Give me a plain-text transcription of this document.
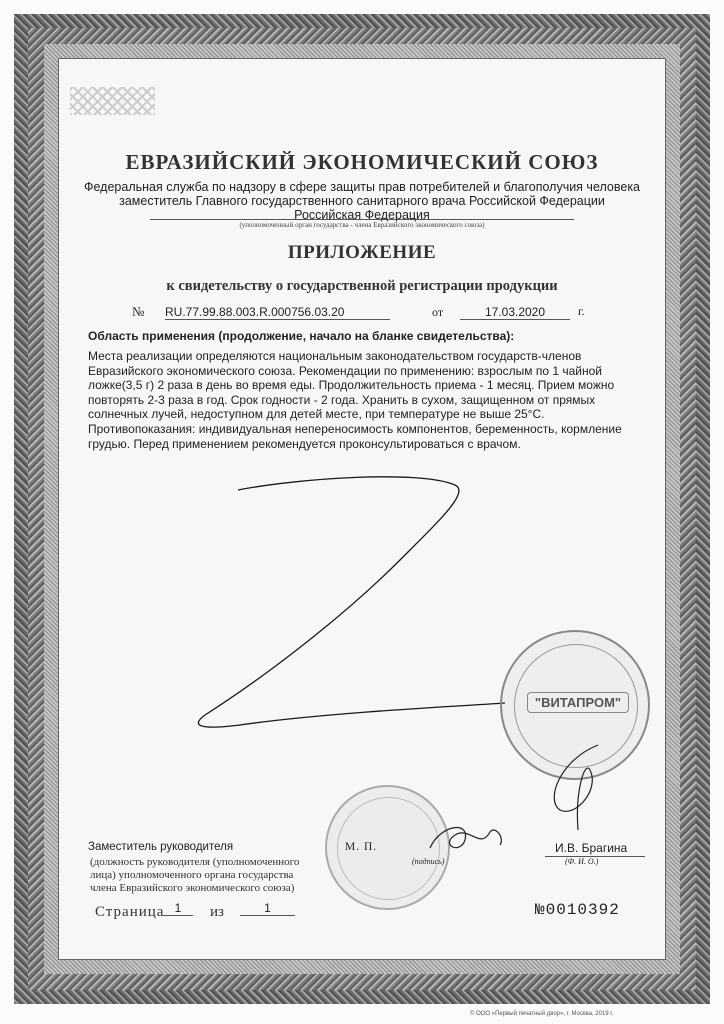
ЕВРАЗИЙСКИЙ ЭКОНОМИЧЕСКИЙ СОЮЗ
Федеральная служба по надзору в сфере защиты прав потребителей и благополучия человека
заместитель Главного государственного санитарного врача Российской Федерации
Российская Федерация
(уполномоченный орган государства - члена Евразийского экономического союза)
ПРИЛОЖЕНИЕ
к свидетельству о государственной регистрации продукции
№ RU.77.99.88.003.R.000756.03.20	от	17.03.2020	г.
Область применения (продолжение, начало на бланке свидетельства):
Места реализации определяются национальным законодательством государств-членов
Евразийского экономического союза. Рекомендации по применению: взрослым по 1 чайной
ложке(3,5 г) 2 раза в день во время еды. Продолжительность приема - 1 месяц. Прием можно
повторять 2-3 раза в год. Срок годности - 2 года. Хранить в сухом, защищенном от прямых
солнечных лучей, недоступном для детей месте, при температуре не выше 25°С.
Противопоказания: индивидуальная непереносимость компонентов, беременность, кормление
грудью. Перед применением рекомендуется проконсультироваться с врачом.
"ВИТАПРОМ"
Заместитель руководителя	М. П.
(подпись)
И.В. Брагина
(Ф. И. О.)
(должность руководителя (уполномоченного
лица) уполномоченного органа государства
члена Евразийского экономического союза)
Страница 1	из	1	№0010392
© ООО «Первый печатный двор», г. Москва, 2019 г.
